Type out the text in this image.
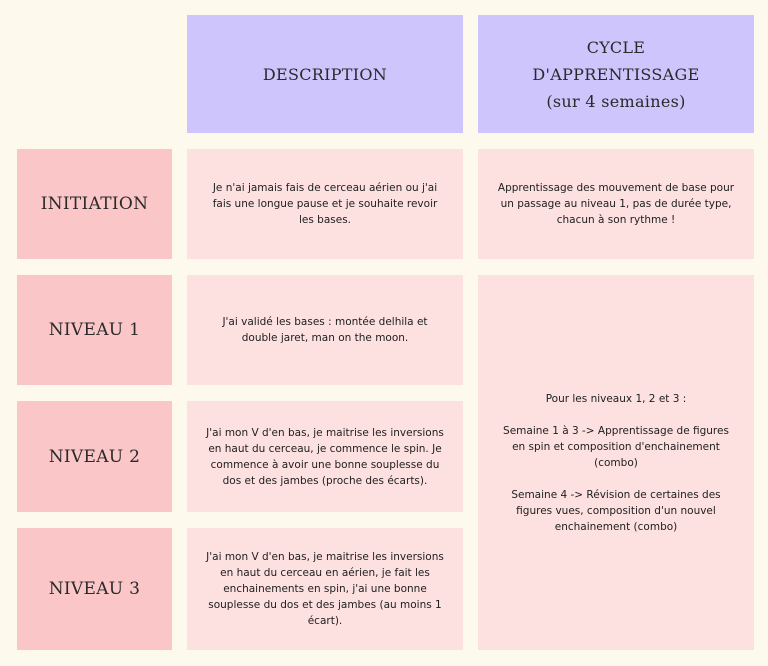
DESCRIPTION
CYCLE
D'APPRENTISSAGE
(sur 4 semaines)
INITIATION
NIVEAU 1
NIVEAU 2
NIVEAU 3
Je n'ai jamais fais de cerceau aérien ou j'ai fais une longue pause et je souhaite revoir les bases.
J'ai validé les bases : montée delhila et double jaret, man on the moon.
J'ai mon V d'en bas, je maitrise les inversions en haut du cerceau, je commence le spin. Je commence à avoir une bonne souplesse du dos et des jambes (proche des écarts).
J'ai mon V d'en bas, je maitrise les inversions en haut du cerceau en aérien, je fait les enchainements en spin, j'ai une bonne souplesse du dos et des jambes (au moins 1 écart).

Apprentissage des mouvement de base pour un passage au niveau 1, pas de durée type, chacun à son rythme !

Pour les niveaux 1, 2 et 3 :

Semaine 1 à 3 -> Apprentissage de figures en spin et composition d'enchainement (combo)

Semaine 4 -> Révision de certaines des figures vues, composition d'un nouvel enchainement (combo)
